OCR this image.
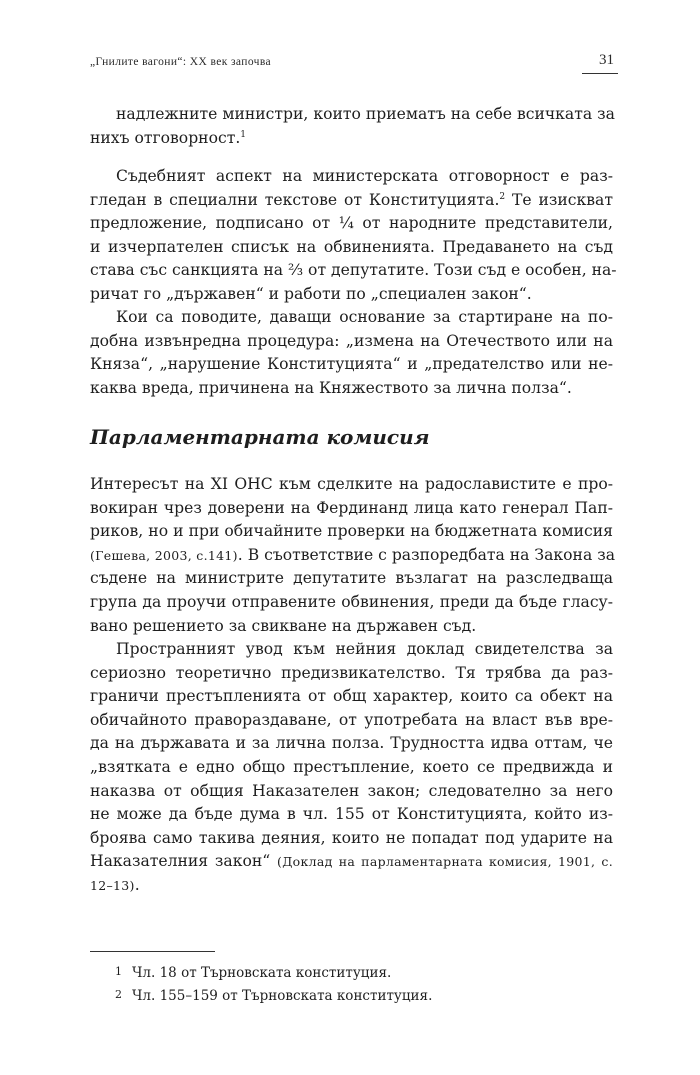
„Гнилите вагони“: XX век започва	31
надлежните министри, които приематъ на себе всичката за
нихъ отговорност.$^1$
Съдебният аспект на министерската отговорност е раз-
гледан в специални текстове от Конституцията.$^2$ Те изискват
предложение, подписано от ¼ от народните представители,
и изчерпателен списък на обвиненията. Предаването на съд
става със санкцията на ⅔ от депутатите. Този съд е особен, на-
ричат го „държавен“ и работи по „специален закон“.
Кои са поводите, даващи основание за стартиране на по-
добна извънредна процедура: „измена на Отечеството или на
Княза“, „нарушение Конституцията“ и „предателство или не-
каква вреда, причинена на Княжеството за лична полза“.
Парламентарната комисия
Интересът на XI ОНС към сделките на радославистите е про-
вокиран чрез доверени на Фердинанд лица като генерал Пап-
риков, но и при обичайните проверки на бюджетната комисия
(Гешева, 2003, с.141). В съответствие с разпоредбата на Закона за
съдене на министрите депутатите възлагат на разследваща
група да проучи отправените обвинения, преди да бъде гласу-
вано решението за свикване на държавен съд.
Пространният увод към нейния доклад свидетелства за
сериозно теоретично предизвикателство. Тя трябва да раз-
граничи престъпленията от общ характер, които са обект на
обичайното правораздаване, от употребата на власт във вре-
да на държавата и за лична полза. Трудността идва оттам, че
„взятката е едно общо престъпление, което се предвижда и
наказва от общия Наказателен закон; следователно за него
не може да бъде дума в чл. 155 от Конституцията, който из-
броява само такива деяния, които не попадат под ударите на
Наказателния закон“ (Доклад на парламентарната комисия, 1901, с.
12–13).

1 Чл. 18 от Търновската конституция.

2 Чл. 155–159 от Търновската конституция.
